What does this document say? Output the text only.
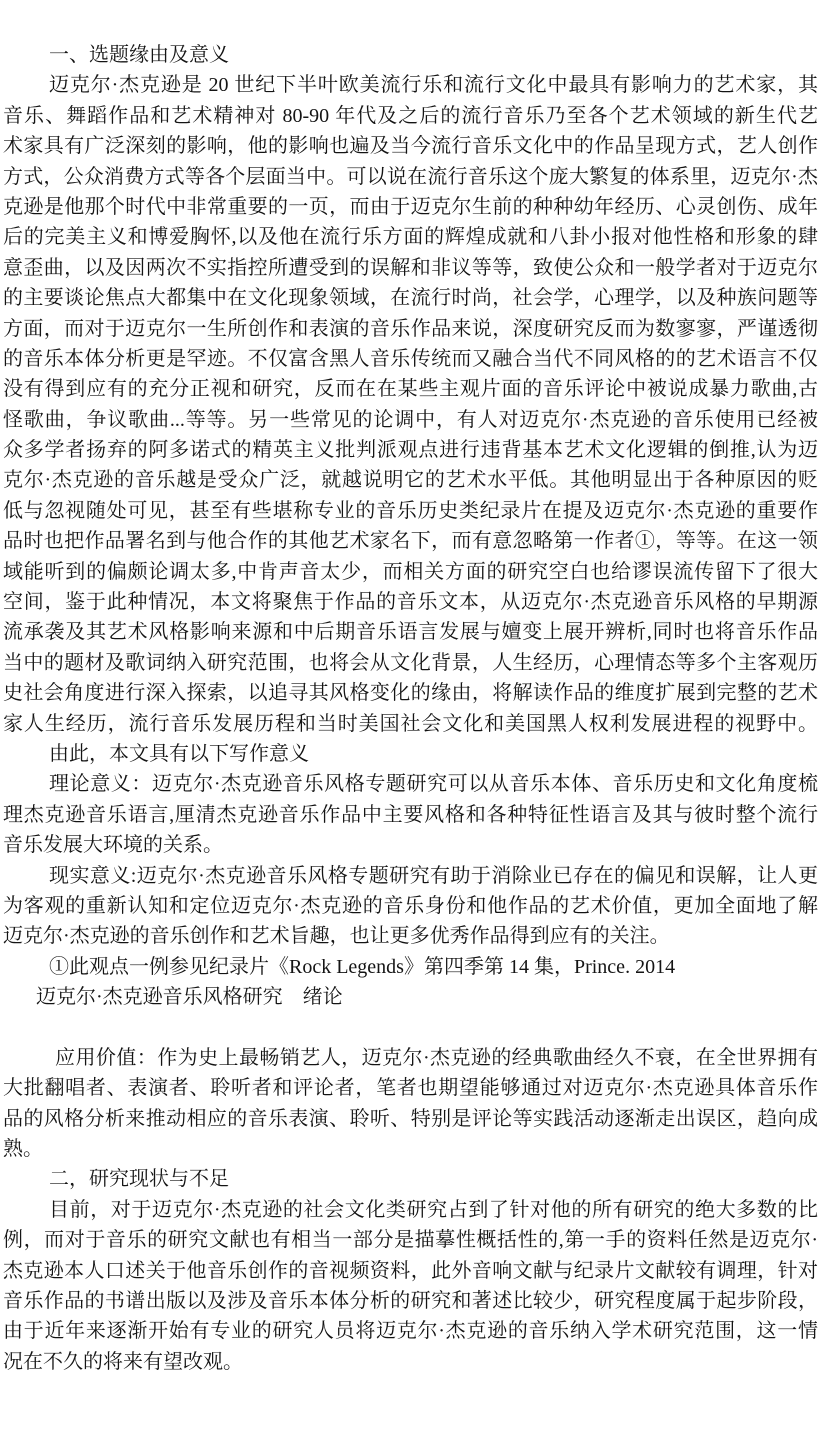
一、选题缘由及意义
迈克尔·杰克逊是 20 世纪下半叶欧美流行乐和流行文化中最具有影响力的艺术家，其
音乐、舞蹈作品和艺术精神对 80-90 年代及之后的流行音乐乃至各个艺术领域的新生代艺
术家具有广泛深刻的影响，他的影响也遍及当今流行音乐文化中的作品呈现方式，艺人创作
方式，公众消费方式等各个层面当中。可以说在流行音乐这个庞大繁复的体系里，迈克尔·杰
克逊是他那个时代中非常重要的一页，而由于迈克尔生前的种种幼年经历、心灵创伤、成年
后的完美主义和博爱胸怀,以及他在流行乐方面的辉煌成就和八卦小报对他性格和形象的肆
意歪曲，以及因两次不实指控所遭受到的误解和非议等等，致使公众和一般学者对于迈克尔
的主要谈论焦点大都集中在文化现象领域，在流行时尚，社会学，心理学，以及种族问题等
方面，而对于迈克尔一生所创作和表演的音乐作品来说，深度研究反而为数寥寥，严谨透彻
的音乐本体分析更是罕迹。不仅富含黑人音乐传统而又融合当代不同风格的的艺术语言不仅
没有得到应有的充分正视和研究，反而在在某些主观片面的音乐评论中被说成暴力歌曲,古
怪歌曲，争议歌曲...等等。另一些常见的论调中，有人对迈克尔·杰克逊的音乐使用已经被
众多学者扬弃的阿多诺式的精英主义批判派观点进行违背基本艺术文化逻辑的倒推,认为迈
克尔·杰克逊的音乐越是受众广泛，就越说明它的艺术水平低。其他明显出于各种原因的贬
低与忽视随处可见，甚至有些堪称专业的音乐历史类纪录片在提及迈克尔·杰克逊的重要作
品时也把作品署名到与他合作的其他艺术家名下，而有意忽略第一作者①，等等。在这一领
域能听到的偏颇论调太多,中肯声音太少，而相关方面的研究空白也给谬误流传留下了很大
空间，鉴于此种情况，本文将聚焦于作品的音乐文本，从迈克尔·杰克逊音乐风格的早期源
流承袭及其艺术风格影响来源和中后期音乐语言发展与嬗变上展开辨析,同时也将音乐作品
当中的题材及歌词纳入研究范围，也将会从文化背景，人生经历，心理情态等多个主客观历
史社会角度进行深入探索，以追寻其风格变化的缘由，将解读作品的维度扩展到完整的艺术
家人生经历，流行音乐发展历程和当时美国社会文化和美国黑人权利发展进程的视野中。
由此，本文具有以下写作意义
理论意义：迈克尔·杰克逊音乐风格专题研究可以从音乐本体、音乐历史和文化角度梳
理杰克逊音乐语言,厘清杰克逊音乐作品中主要风格和各种特征性语言及其与彼时整个流行
音乐发展大环境的关系。
现实意义:迈克尔·杰克逊音乐风格专题研究有助于消除业已存在的偏见和误解，让人更
为客观的重新认知和定位迈克尔·杰克逊的音乐身份和他作品的艺术价值，更加全面地了解
迈克尔·杰克逊的音乐创作和艺术旨趣，也让更多优秀作品得到应有的关注。
①此观点一例参见纪录片《Rock Legends》第四季第 14 集，Prince. 2014
迈克尔·杰克逊音乐风格研究　绪论
应用价值：作为史上最畅销艺人，迈克尔·杰克逊的经典歌曲经久不衰，在全世界拥有
大批翻唱者、表演者、聆听者和评论者，笔者也期望能够通过对迈克尔·杰克逊具体音乐作
品的风格分析来推动相应的音乐表演、聆听、特别是评论等实践活动逐渐走出误区，趋向成
熟。
二，研究现状与不足
目前，对于迈克尔·杰克逊的社会文化类研究占到了针对他的所有研究的绝大多数的比
例，而对于音乐的研究文献也有相当一部分是描摹性概括性的,第一手的资料任然是迈克尔·
杰克逊本人口述关于他音乐创作的音视频资料，此外音响文献与纪录片文献较有调理，针对
音乐作品的书谱出版以及涉及音乐本体分析的研究和著述比较少，研究程度属于起步阶段，
由于近年来逐渐开始有专业的研究人员将迈克尔·杰克逊的音乐纳入学术研究范围，这一情
况在不久的将来有望改观。
